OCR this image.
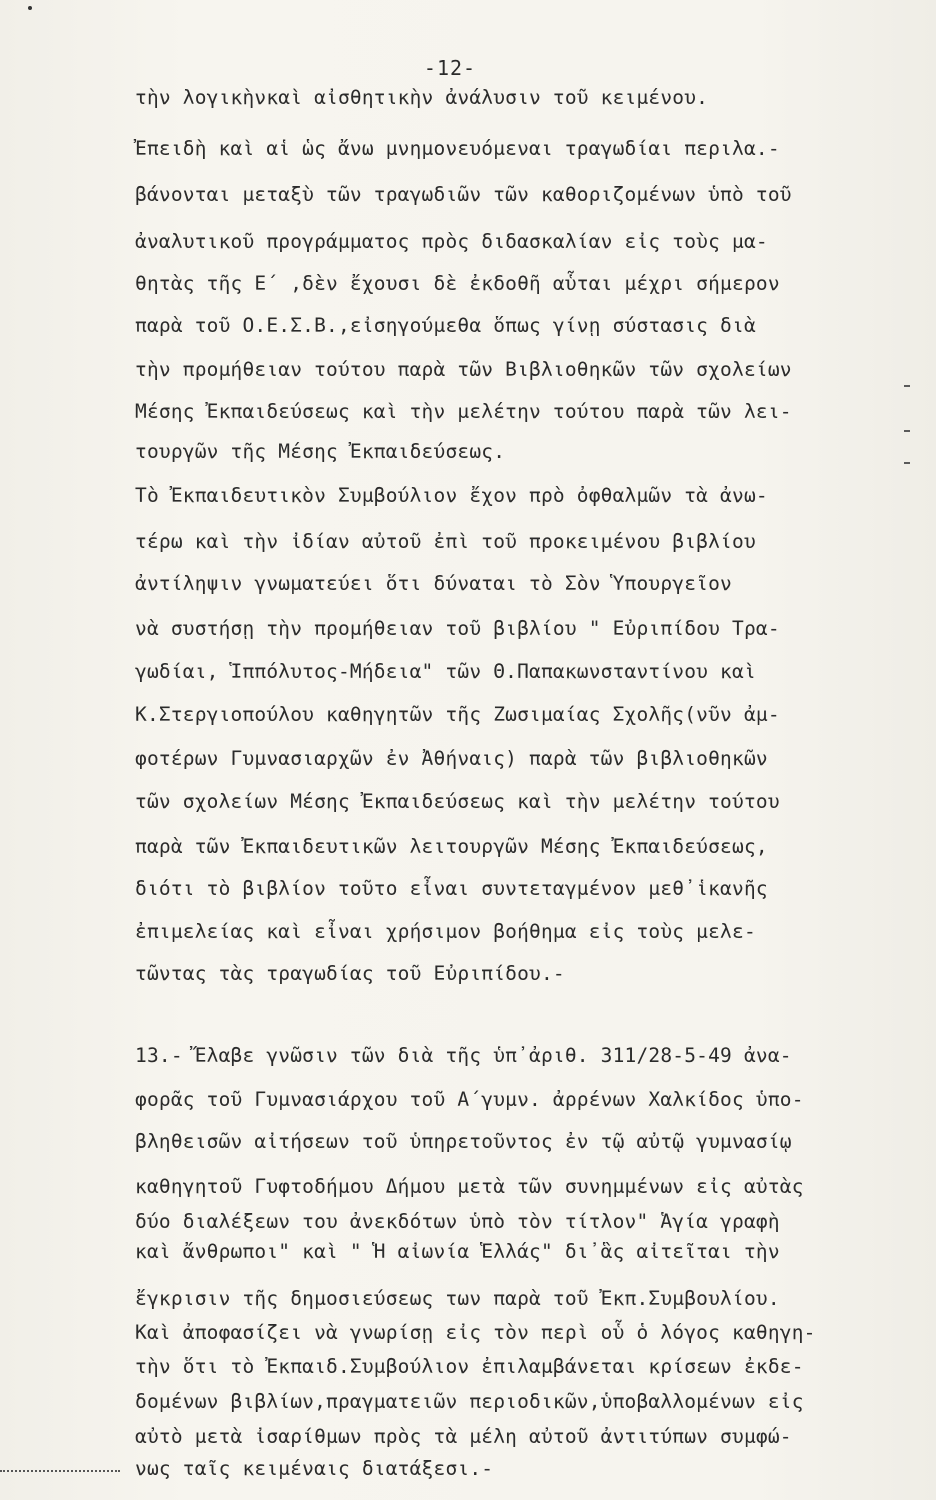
-12-
τὴν λογικὴνκαὶ αἰσθητικὴν ἀνάλυσιν τοῦ κειμένου.
Ἐπειδὴ καὶ αἱ ὡς ἄνω μνημονευόμεναι τραγωδίαι περιλα.-
βάνονται μεταξὺ τῶν τραγωδιῶν τῶν καθοριζομένων ὑπὸ τοῦ
ἀναλυτικοῦ προγράμματος πρὸς διδασκαλίαν εἰς τοὺς μα-
θητὰς τῆς Ε΄ ,δὲν ἔχουσι δὲ ἐκδοθῆ αὗται μέχρι σήμερον
παρὰ τοῦ Ο.Ε.Σ.Β.,εἰσηγούμεθα ὅπως γίνῃ σύστασις διὰ
τὴν προμήθειαν τούτου παρὰ τῶν Βιβλιοθηκῶν τῶν σχολείων
Μέσης Ἐκπαιδεύσεως καὶ τὴν μελέτην τούτου παρὰ τῶν λει-
τουργῶν τῆς Μέσης Ἐκπαιδεύσεως.
Τὸ Ἐκπαιδευτικὸν Συμβούλιον ἔχον πρὸ ὀφθαλμῶν τὰ ἀνω-
τέρω καὶ τὴν ἰδίαν αὐτοῦ ἐπὶ τοῦ προκειμένου βιβλίου
ἀντίληψιν γνωματεύει ὅτι δύναται τὸ Σὸν Ὑπουργεῖον
νὰ συστήσῃ τὴν προμήθειαν τοῦ βιβλίου " Εὐριπίδου Τρα-
γωδίαι, Ἱππόλυτος-Μήδεια" τῶν Θ.Παπακωνσταντίνου καὶ
Κ.Στεργιοπούλου καθηγητῶν τῆς Ζωσιμαίας Σχολῆς(νῦν ἀμ-
φοτέρων Γυμνασιαρχῶν ἐν Ἀθήναις) παρὰ τῶν βιβλιοθηκῶν
τῶν σχολείων Μέσης Ἐκπαιδεύσεως καὶ τὴν μελέτην τούτου
παρὰ τῶν Ἐκπαιδευτικῶν λειτουργῶν Μέσης Ἐκπαιδεύσεως,
διότι τὸ βιβλίον τοῦτο εἶναι συντεταγμένον μεθ᾽ἱκανῆς
ἐπιμελείας καὶ εἶναι χρήσιμον βοήθημα εἰς τοὺς μελε-
τῶντας τὰς τραγωδίας τοῦ Εὐριπίδου.-
13.- Ἔλαβε γνῶσιν τῶν διὰ τῆς ὑπ᾽ἀριθ. 311/28-5-49 ἀνα-
φορᾶς τοῦ Γυμνασιάρχου τοῦ Α΄γυμν. ἀρρένων Χαλκίδος ὑπο-
βληθεισῶν αἰτήσεων τοῦ ὑπηρετοῦντος ἐν τῷ αὐτῷ γυμνασίῳ
καθηγητοῦ Γυφτοδήμου Δήμου μετὰ τῶν συνημμένων εἰς αὐτὰς
δύο διαλέξεων του ἀνεκδότων ὑπὸ τὸν τίτλον" Ἁγία γραφὴ
καὶ ἄνθρωποι" καὶ " Ἡ αἰωνία Ἑλλάς" δι᾽ἃς αἰτεῖται τὴν
ἔγκρισιν τῆς δημοσιεύσεως των παρὰ τοῦ Ἐκπ.Συμβουλίου.
Καὶ ἀποφασίζει νὰ γνωρίσῃ εἰς τὸν περὶ οὗ ὁ λόγος καθηγη-
τὴν ὅτι τὸ Ἐκπαιδ.Συμβούλιον ἐπιλαμβάνεται κρίσεων ἐκδε-
δομένων βιβλίων,πραγματειῶν περιοδικῶν,ὑποβαλλομένων εἰς
αὐτὸ μετὰ ἰσαρίθμων πρὸς τὰ μέλη αὐτοῦ ἀντιτύπων συμφώ-
νως ταῖς κειμέναις διατάξεσι.-
